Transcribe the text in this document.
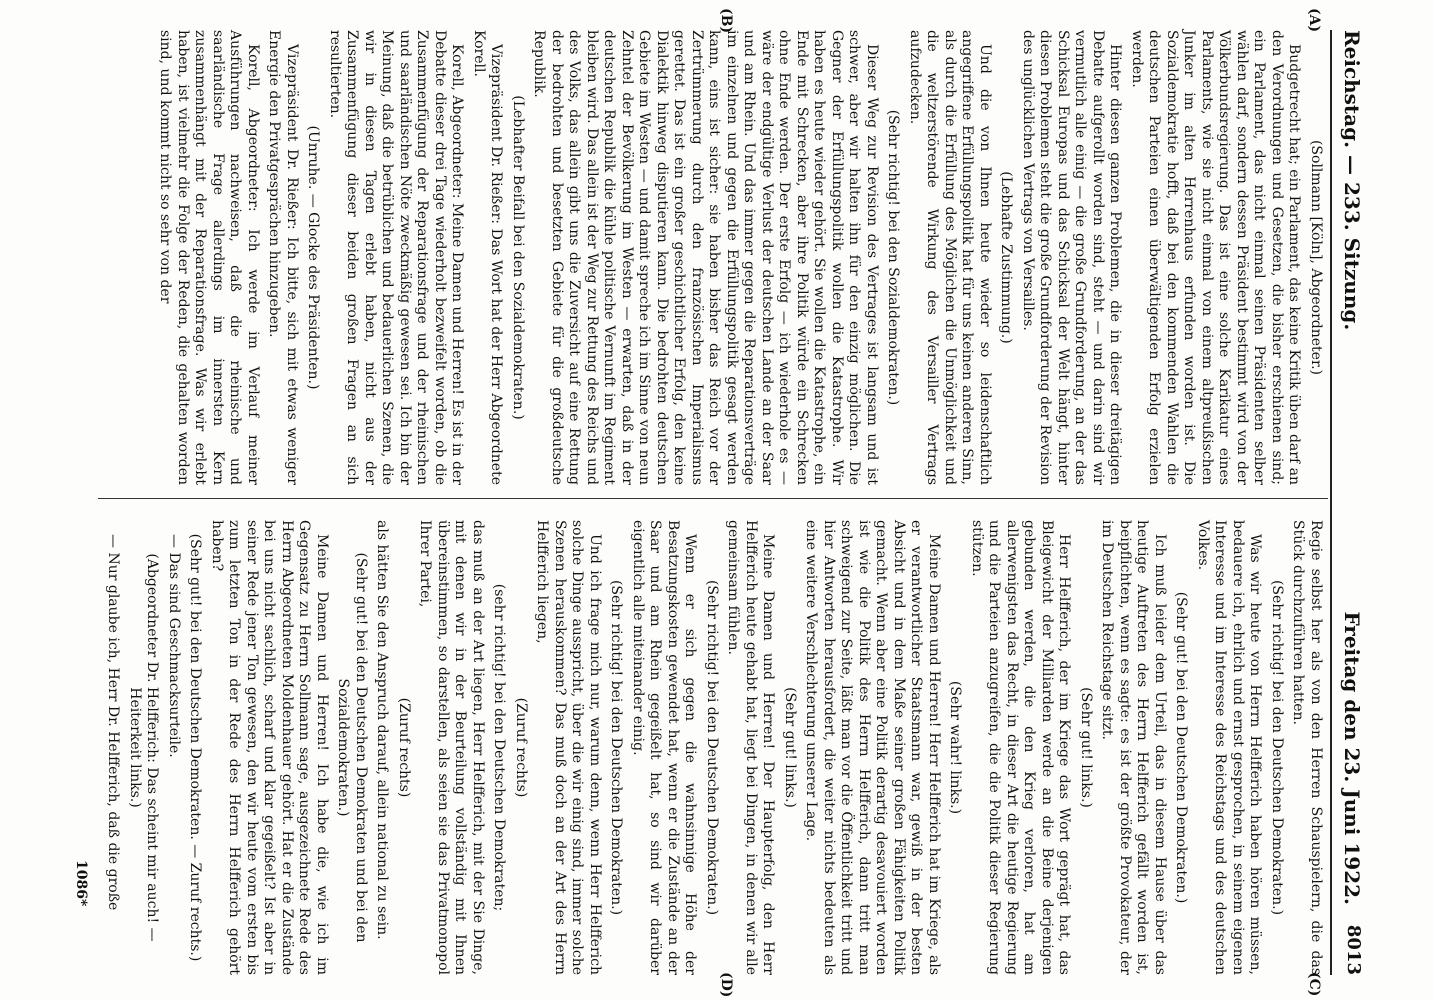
Reichstag. — 233. Sitzung.
Freitag den 23. Juni 1922.
8013
(A)
(B)
(C)
(D)

(Sollmann [Köln], Abgeordneter.)

Budgetrecht hat; ein Parlament, das keine Kritik üben darf an den Verordnungen und Gesetzen, die bisher erschienen sind; ein Parlament, das nicht einmal seinen Präsidenten selber wählen darf, sondern dessen Präsident bestimmt wird von der Völkerbundsregierung. Das ist eine solche Karikatur eines Parlaments, wie sie nicht einmal von einem altpreußischen Junker im alten Herrenhaus erfunden worden ist. Die Sozialdemokratie hofft, daß bei den kommenden Wahlen die deutschen Parteien einen überwältigenden Erfolg erzielen werden.

Hinter diesen ganzen Problemen, die in dieser dreitägigen Debatte aufgerollt worden sind, steht — und darin sind wir vermutlich alle einig — die große Grundforderung, an der das Schicksal Europas und das Schicksal der Welt hängt, hinter diesen Problemen steht die große Grundforderung der Revision des unglücklichen Vertrags von Versailles.

(Lebhafte Zustimmung.)

Und die von Ihnen heute wieder so leidenschaftlich angegriffene Erfüllungspolitik hat für uns keinen anderen Sinn, als durch die Erfüllung des Möglichen die Unmöglichkeit und die weltzerstörende Wirkung des Versailler Vertrags aufzudecken.

(Sehr richtig! bei den Sozialdemokraten.)

Dieser Weg zur Revision des Vertrages ist langsam und ist schwer, aber wir halten ihn für den einzig möglichen. Die Gegner der Erfüllungspolitik wollen die Katastrophe. Wir haben es heute wieder gehört. Sie wollen die Katastrophe, ein Ende mit Schrecken, aber ihre Politik würde ein Schrecken ohne Ende werden. Der erste Erfolg — ich wiederhole es — wäre der endgültige Verlust der deutschen Lande an der Saar und am Rhein. Und das immer gegen die Reparationsverträge im einzelnen und gegen die Erfüllungspolitik gesagt werden kann, eins ist sicher: sie haben bisher das Reich vor der Zertrümmerung durch den französischen Imperialismus gerettet. Das ist ein großer geschichtlicher Erfolg, den keine Dialektik hinweg disputieren kann. Die bedrohten deutschen Gebiete im Westen — und damit spreche ich im Sinne von neun Zehntel der Bevölkerung im Westen — erwarten, daß in der deutschen Republik die kühle politische Vernunft im Regiment bleiben wird. Das allein ist der Weg zur Rettung des Reichs und des Volks, das allein gibt uns die Zuversicht auf eine Rettung der bedrohten und besetzten Gebiete für die großdeutsche Republik.

(Lebhafter Beifall bei den Sozialdemokraten.)

Vizepräsident Dr. Rießer: Das Wort hat der Herr Abgeordnete Korell.

Korell, Abgeordneter: Meine Damen und Herren! Es ist in der Debatte dieser drei Tage wiederholt bezweifelt worden, ob die Zusammenfügung der Reparationsfrage und der rheinischen und saarländischen Nöte zweckmäßig gewesen sei. Ich bin der Meinung, daß die betrüblichen und bedauerlichen Szenen, die wir in diesen Tagen erlebt haben, nicht aus der Zusammenfügung dieser beiden großen Fragen an sich resultierten.

(Unruhe. — Glocke des Präsidenten.)

Vizepräsident Dr. Rießer: Ich bitte, sich mit etwas weniger Energie den Privatgesprächen hinzugeben.

Korell, Abgeordneter: Ich werde im Verlauf meiner Ausführungen nachweisen, daß die rheinische und saarländische Frage allerdings im innersten Kern zusammenhängt mit der Reparationsfrage. Was wir erlebt haben, ist vielmehr die Folge der Reden, die gehalten worden sind, und kommt nicht so sehr von der

Regie selbst her als von den Herren Schauspielern, die das Stück durchzuführen hatten.

(Sehr richtig! bei den Deutschen Demokraten.)

Was wir heute von Herrn Helfferich haben hören müssen, bedauere ich, ehrlich und ernst gesprochen, in seinem eigenen Interesse und im Interesse des Reichstags und des deutschen Volkes.

(Sehr gut! bei den Deutschen Demokraten.)

Ich muß leider dem Urteil, das in diesem Hause über das heutige Auftreten des Herrn Helfferich gefällt worden ist, beipflichten, wenn es sagte: es ist der größte Provokateur, der im Deutschen Reichstage sitzt.

(Sehr gut! links.)

Herr Helfferich, der im Kriege das Wort geprägt hat, das Bleigewicht der Milliarden werde an die Beine derjenigen gebunden werden, die den Krieg verloren, hat am allerwenigsten das Recht, in dieser Art die heutige Regierung und die Parteien anzugreifen, die die Politik dieser Regierung stützen.

(Sehr wahr! links.)

Meine Damen und Herren! Herr Helfferich hat im Kriege, als er verantwortlicher Staatsmann war, gewiß in der besten Absicht und in dem Maße seiner großen Fähigkeiten Politik gemacht. Wenn aber eine Politik derartig desavouiert worden ist wie die Politik des Herrn Helfferich, dann tritt man schweigend zur Seite, läßt man vor die Öffentlichkeit tritt und hier Antworten herausfordert, die weiter nichts bedeuten als eine weitere Verschlechterung unserer Lage.

(Sehr gut! links.)

Meine Damen und Herren! Der Haupterfolg, den Herr Helfferich heute gehabt hat, liegt bei Dingen, in denen wir alle gemeinsam fühlen.

(Sehr richtig! bei den Deutschen Demokraten.)

Wenn er sich gegen die wahnsinnige Höhe der Besatzungskosten gewendet hat, wenn er die Zustände an der Saar und am Rhein gegeißelt hat, so sind wir darüber eigentlich alle miteinander einig.

(Sehr richtig! bei den Deutschen Demokraten.)

Und ich frage mich nur, warum denn, wenn Herr Helfferich solche Dinge ausspricht, über die wir einig sind, immer solche Szenen herauskommen? Das muß doch an der Art des Herrn Helfferich liegen,

(Zuruf rechts)

(sehr richtig! bei den Deutschen Demokraten;

das muß an der Art liegen, Herr Helfferich, mit der Sie Dinge, mit denen wir in der Beurteilung vollständig mit Ihnen übereinstimmen, so darstellen, als seien sie das Privatmonopol Ihrer Partei,

(Zuruf rechts)

als hätten Sie den Anspruch darauf, allein national zu sein.

(Sehr gut! bei den Deutschen Demokraten und bei den Sozialdemokraten.)

Meine Damen und Herren! Ich habe die, wie ich im Gegensatz zu Herrn Sollmann sage, ausgezeichnete Rede des Herrn Abgeordneten Moldenhauer gehört. Hat er die Zustände bei uns nicht sachlich, scharf und klar gegeißelt? Ist aber in seiner Rede jener Ton gewesen, den wir heute vom ersten bis zum letzten Ton in der Rede des Herrn Helfferich gehört haben?

(Sehr gut! bei den Deutschen Demokraten. — Zuruf rechts.)

— Das sind Geschmacksurteile.

(Abgeordneter Dr. Helfferich: Das scheint mir auch! — Heiterkeit links.)

— Nur glaube ich, Herr Dr. Helfferich, daß die große

1086*
